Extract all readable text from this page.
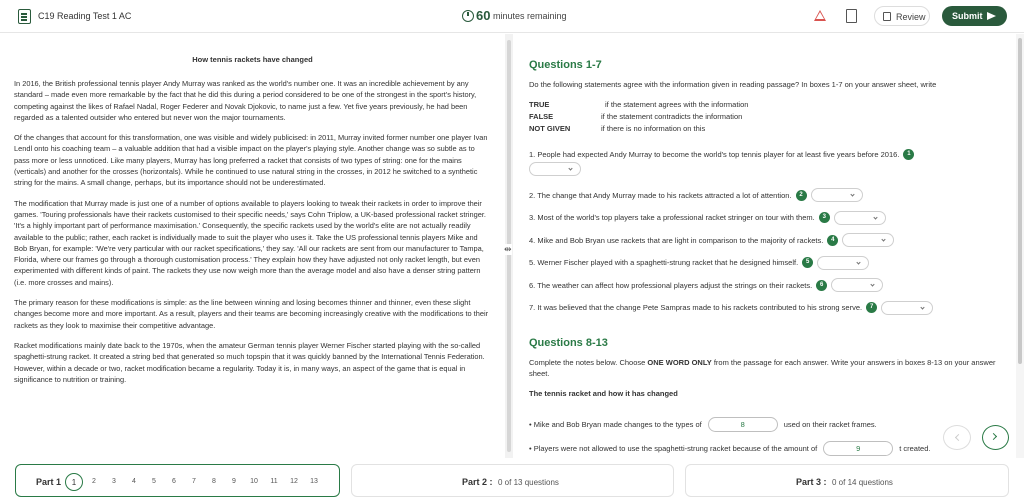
C19 Reading Test 1 AC	60 minutes remaining	Review	Submit
How tennis rackets have changed

In 2016, the British professional tennis player Andy Murray was ranked as the world's number one. It was an incredible achievement by any standard – made even more remarkable by the fact that he did this during a period considered to be one of the strongest in the sport's history, competing against the likes of Rafael Nadal, Roger Federer and Novak Djokovic, to name just a few. Yet five years previously, he had been regarded as a talented outsider who entered but never won the major tournaments.

Of the changes that account for this transformation, one was visible and widely publicised: in 2011, Murray invited former number one player Ivan Lendl onto his coaching team – a valuable addition that had a visible impact on the player's playing style. Another change was so subtle as to pass more or less unnoticed. Like many players, Murray has long preferred a racket that consists of two types of string: one for the mains (verticals) and another for the crosses (horizontals). While he continued to use natural string in the crosses, in 2012 he switched to a synthetic string for the mains. A small change, perhaps, but its importance should not be underestimated.

The modification that Murray made is just one of a number of options available to players looking to tweak their rackets in order to improve their games. 'Touring professionals have their rackets customised to their specific needs,' says Cohn Triplow, a UK-based professional racket stringer. 'It's a highly important part of performance maximisation.' Consequently, the specific rackets used by the world's elite are not actually readily available to the public; rather, each racket is individually made to suit the player who uses it. Take the US professional tennis players Mike and Bob Bryan, for example: 'We're very particular with our racket specifications,' they say. 'All our rackets are sent from our manufacturer to Tampa, Florida, where our frames go through a thorough customisation process.' They explain how they have adjusted not only racket length, but even experimented with different kinds of paint. The rackets they use now weigh more than the average model and also have a denser string pattern (i.e. more crosses and mains).

The primary reason for these modifications is simple: as the line between winning and losing becomes thinner and thinner, even these slight changes become more and more important. As a result, players and their teams are becoming increasingly creative with the modifications to their rackets as they look to maximise their competitive advantage.

Racket modifications mainly date back to the 1970s, when the amateur German tennis player Werner Fischer started playing with the so-called spaghetti-strung racket. It created a string bed that generated so much topspin that it was quickly banned by the International Tennis Federation. However, within a decade or two, racket modification became a regularity. Today it is, in many ways, an aspect of the game that is equal in significance to nutrition or training.

⇹
Questions 1-7
Do the following statements agree with the information given in reading passage? In boxes 1-7 on your answer sheet, write
TRUE	if the statement agrees with the information
FALSE	if the statement contradicts the information
NOT GIVEN	if there is no information on this
1. People had expected Andy Murray to become the world's top tennis player for at least five years before 2016.	1
2. The change that Andy Murray made to his rackets attracted a lot of attention.	2
3. Most of the world's top players take a professional racket stringer on tour with them.	3
4. Mike and Bob Bryan use rackets that are light in comparison to the majority of rackets.	4
5. Werner Fischer played with a spaghetti-strung racket that he designed himself.	5
6. The weather can affect how professional players adjust the strings on their rackets.	6
7. It was believed that the change Pete Sampras made to his rackets contributed to his strong serve.	7
Questions 8-13
Complete the notes below. Choose ONE WORD ONLY from the passage for each answer. Write your answers in boxes 8-13 on your answer sheet.
The tennis racket and how it has changed
• Mike and Bob Bryan made changes to the types of	8	used on their racket frames.
• Players were not allowed to use the spaghetti-strung racket because of the amount of	9	t created.
Part 1	1	2	3	4	5	6	7	8	9	10	11	12	13	Part 2 : 0 of 13 questions	Part 3 : 0 of 14 questions
